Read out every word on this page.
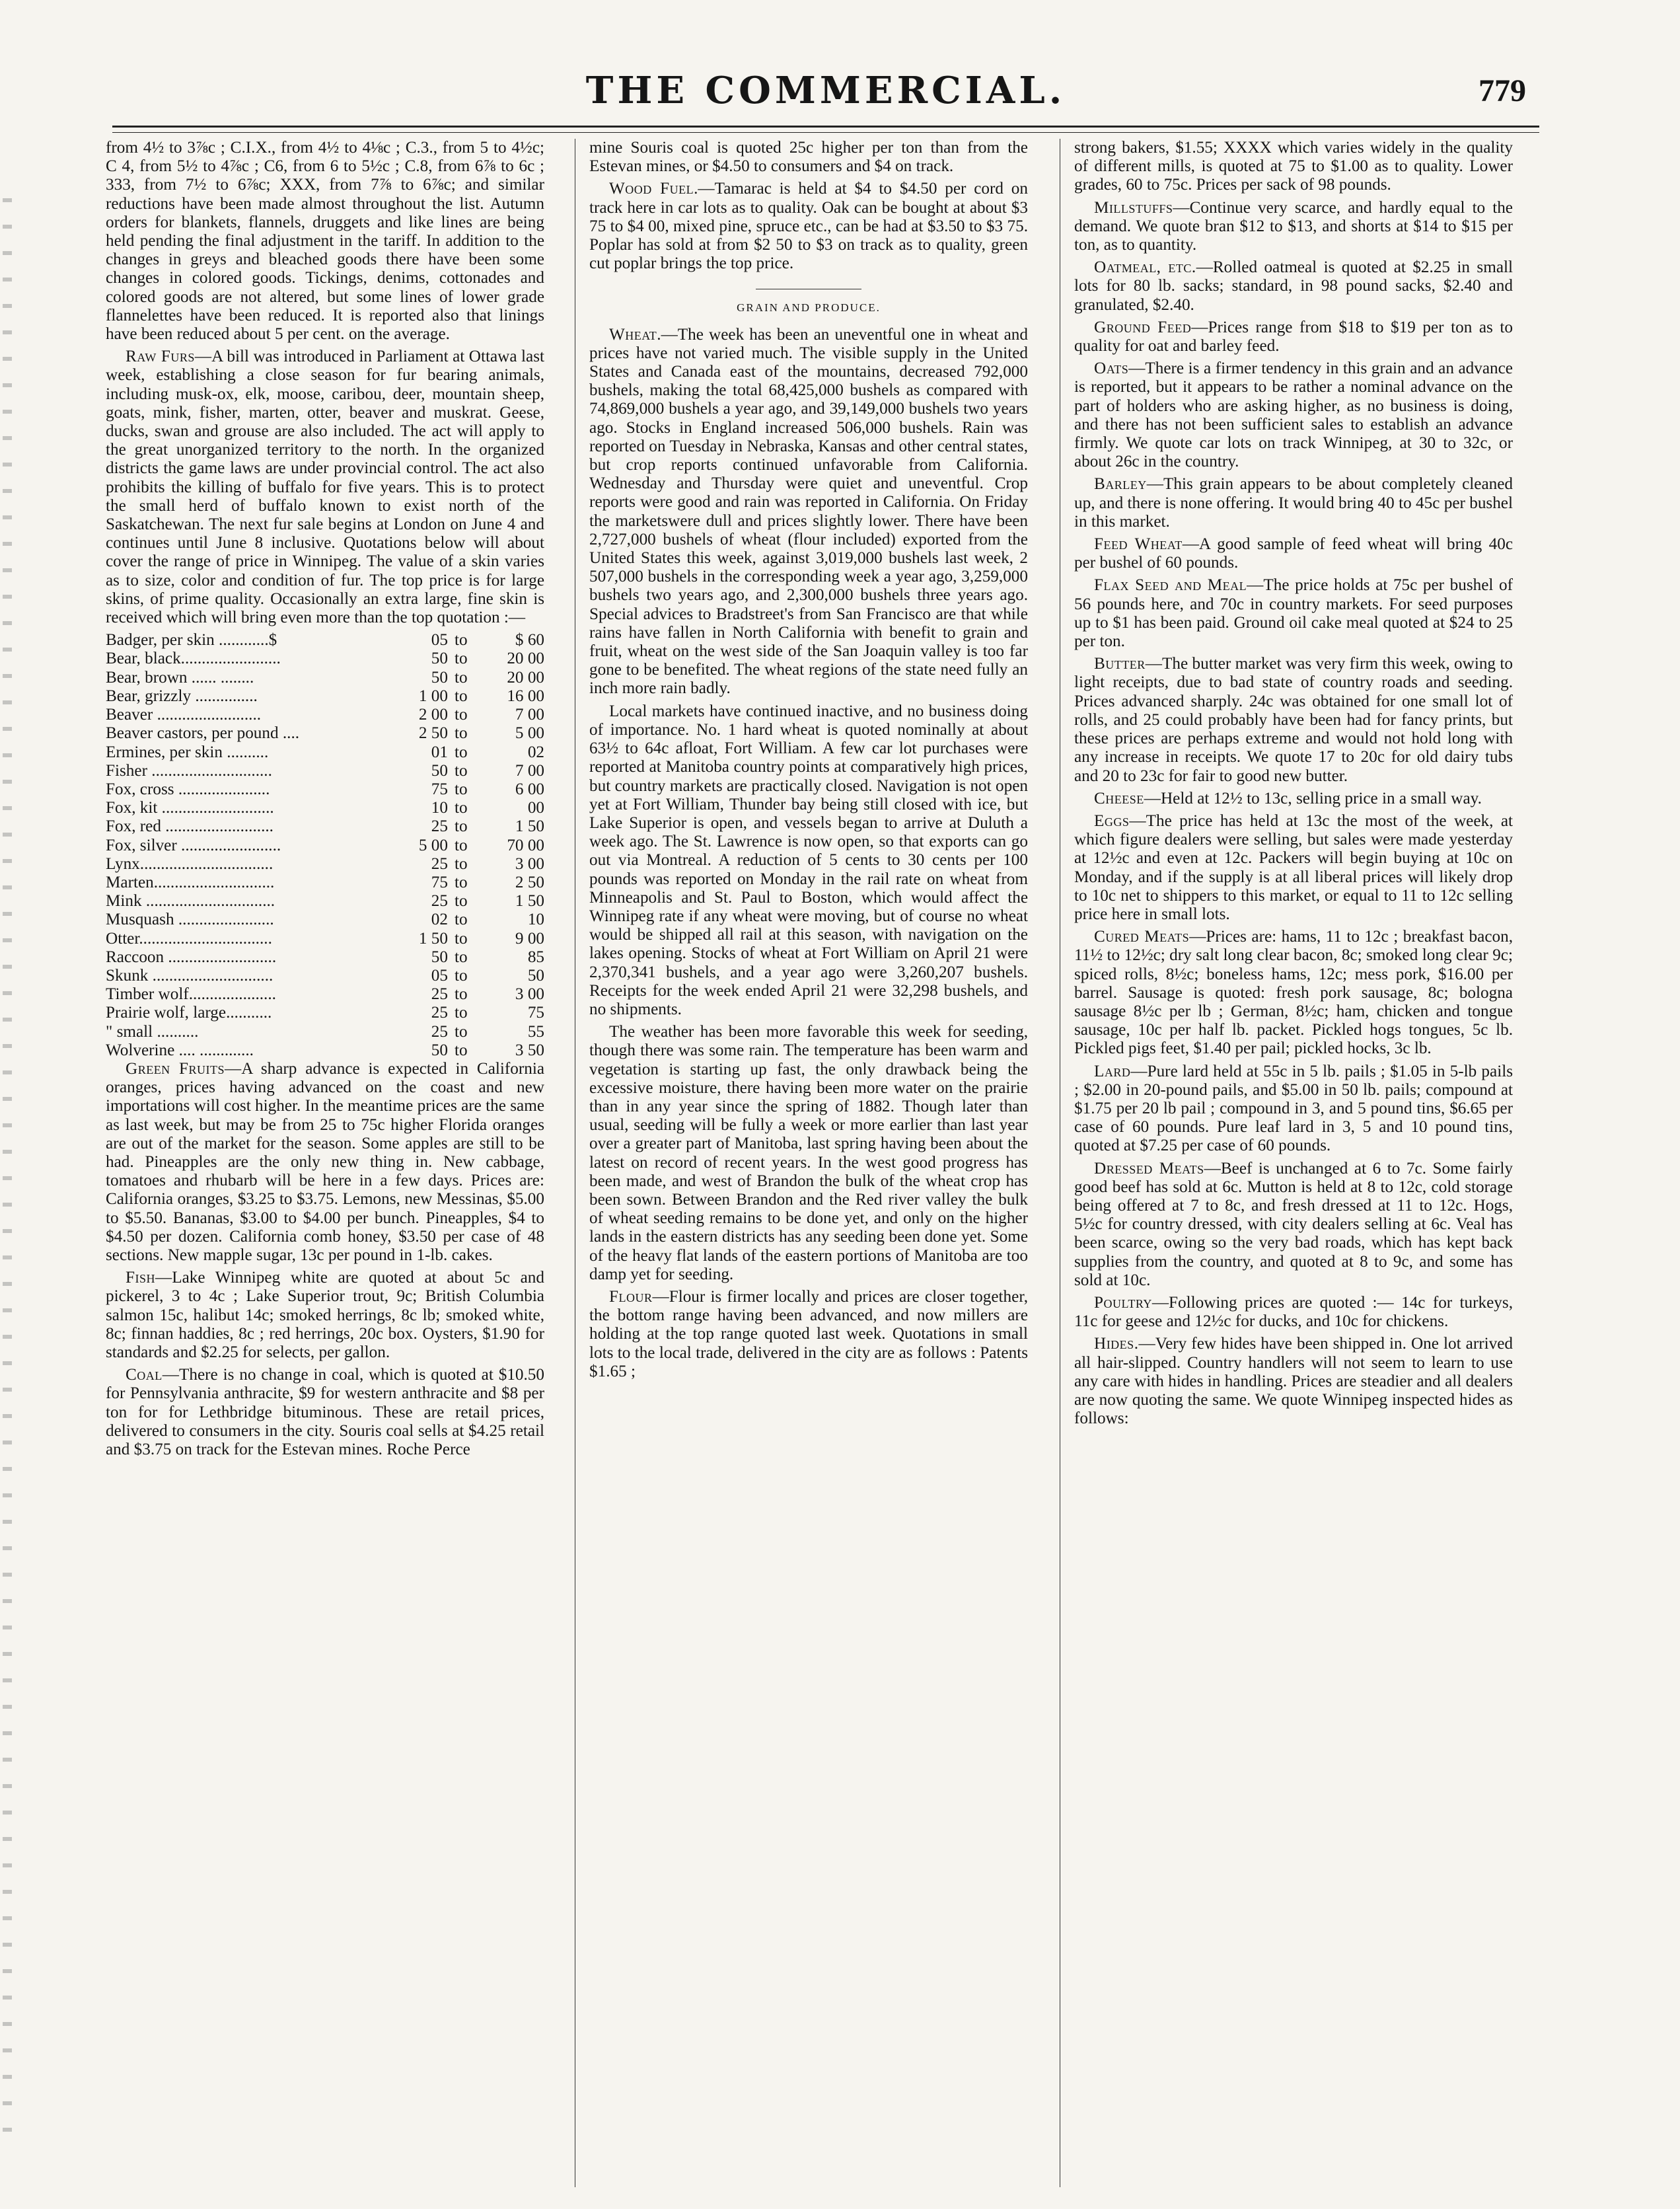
THE COMMERCIAL.	779

from 4½ to 3⅞c ; C.I.X., from 4½ to 4⅛c ; C.3., from 5 to 4½c; C 4, from 5½ to 4⅞c ; C6, from 6 to 5½c ; C.8, from 6⅞ to 6c ; 333, from 7½ to 6⅞c; XXX, from 7⅞ to 6⅞c; and similar reductions have been made almost throughout the list. Autumn orders for blankets, flannels, druggets and like lines are being held pending the final adjustment in the tariff. In addition to the changes in greys and bleached goods there have been some changes in colored goods. Tickings, denims, cottonades and colored goods are not altered, but some lines of lower grade flannelettes have been reduced. It is reported also that linings have been reduced about 5 per cent. on the average.

Raw Furs—A bill was introduced in Parliament at Ottawa last week, establishing a close season for fur bearing animals, including musk-ox, elk, moose, caribou, deer, mountain sheep, goats, mink, fisher, marten, otter, beaver and muskrat. Geese, ducks, swan and grouse are also included. The act will apply to the great unorganized territory to the north. In the organized districts the game laws are under provincial control. The act also prohibits the killing of buffalo for five years. This is to protect the small herd of buffalo known to exist north of the Saskatchewan. The next fur sale begins at London on June 4 and continues until June 8 inclusive. Quotations below will about cover the range of price in Winnipeg. The value of a skin varies as to size, color and condition of fur. The top price is for large skins, of prime quality. Occasionally an extra large, fine skin is received which will bring even more than the top quotation :—

Badger, per skin ............$	05	to	$ 60
Bear, black........................	50	to	20 00
Bear, brown ...... ........	50	to	20 00
Bear, grizzly ...............	1 00	to	16 00
Beaver .........................	2 00	to	7 00
Beaver castors, per pound ....	2 50	to	5 00
Ermines, per skin ..........	01	to	02
Fisher .............................	50	to	7 00
Fox, cross ......................	75	to	6 00
Fox, kit ...........................	10	to	00
Fox, red ..........................	25	to	1 50
Fox, silver ........................	5 00	to	70 00
Lynx................................	25	to	3 00
Marten.............................	75	to	2 50
Mink ...............................	25	to	1 50
Musquash .......................	02	to	10
Otter................................	1 50	to	9 00
Raccoon ..........................	50	to	85
Skunk .............................	05	to	50
Timber wolf.....................	25	to	3 00
Prairie wolf, large...........	25	to	75
" small ..........	25	to	55
Wolverine .... .............	50	to	3 50

Green Fruits—A sharp advance is expected in California oranges, prices having advanced on the coast and new importations will cost higher. In the meantime prices are the same as last week, but may be from 25 to 75c higher Florida oranges are out of the market for the season. Some apples are still to be had. Pineapples are the only new thing in. New cabbage, tomatoes and rhubarb will be here in a few days. Prices are: California oranges, $3.25 to $3.75. Lemons, new Messinas, $5.00 to $5.50. Bananas, $3.00 to $4.00 per bunch. Pineapples, $4 to $4.50 per dozen. California comb honey, $3.50 per case of 48 sections. New mapple sugar, 13c per pound in 1-lb. cakes.

Fish—Lake Winnipeg white are quoted at about 5c and pickerel, 3 to 4c ; Lake Superior trout, 9c; British Columbia salmon 15c, halibut 14c; smoked herrings, 8c lb; smoked white, 8c; finnan haddies, 8c ; red herrings, 20c box. Oysters, $1.90 for standards and $2.25 for selects, per gallon.

Coal—There is no change in coal, which is quoted at $10.50 for Pennsylvania anthracite, $9 for western anthracite and $8 per ton for for Lethbridge bituminous. These are retail prices, delivered to consumers in the city. Souris coal sells at $4.25 retail and $3.75 on track for the Estevan mines. Roche Perce

mine Souris coal is quoted 25c higher per ton than from the Estevan mines, or $4.50 to consumers and $4 on track.

Wood Fuel.—Tamarac is held at $4 to $4.50 per cord on track here in car lots as to quality. Oak can be bought at about $3 75 to $4 00, mixed pine, spruce etc., can be had at $3.50 to $3 75. Poplar has sold at from $2 50 to $3 on track as to quality, green cut poplar brings the top price.

GRAIN AND PRODUCE.

Wheat.—The week has been an uneventful one in wheat and prices have not varied much. The visible supply in the United States and Canada east of the mountains, decreased 792,000 bushels, making the total 68,425,000 bushels as compared with 74,869,000 bushels a year ago, and 39,149,000 bushels two years ago. Stocks in England increased 506,000 bushels. Rain was reported on Tuesday in Nebraska, Kansas and other central states, but crop reports continued unfavorable from California. Wednesday and Thursday were quiet and uneventful. Crop reports were good and rain was reported in California. On Friday the marketswere dull and prices slightly lower. There have been 2,727,000 bushels of wheat (flour included) exported from the United States this week, against 3,019,000 bushels last week, 2 507,000 bushels in the corresponding week a year ago, 3,259,000 bushels two years ago, and 2,300,000 bushels three years ago. Special advices to Bradstreet's from San Francisco are that while rains have fallen in North California with benefit to grain and fruit, wheat on the west side of the San Joaquin valley is too far gone to be benefited. The wheat regions of the state need fully an inch more rain badly.

Local markets have continued inactive, and no business doing of importance. No. 1 hard wheat is quoted nominally at about 63½ to 64c afloat, Fort William. A few car lot purchases were reported at Manitoba country points at comparatively high prices, but country markets are practically closed. Navigation is not open yet at Fort William, Thunder bay being still closed with ice, but Lake Superior is open, and vessels began to arrive at Duluth a week ago. The St. Lawrence is now open, so that exports can go out via Montreal. A reduction of 5 cents to 30 cents per 100 pounds was reported on Monday in the rail rate on wheat from Minneapolis and St. Paul to Boston, which would affect the Winnipeg rate if any wheat were moving, but of course no wheat would be shipped all rail at this season, with navigation on the lakes opening. Stocks of wheat at Fort William on April 21 were 2,370,341 bushels, and a year ago were 3,260,207 bushels. Receipts for the week ended April 21 were 32,298 bushels, and no shipments.

The weather has been more favorable this week for seeding, though there was some rain. The temperature has been warm and vegetation is starting up fast, the only drawback being the excessive moisture, there having been more water on the prairie than in any year since the spring of 1882. Though later than usual, seeding will be fully a week or more earlier than last year over a greater part of Manitoba, last spring having been about the latest on record of recent years. In the west good progress has been made, and west of Brandon the bulk of the wheat crop has been sown. Between Brandon and the Red river valley the bulk of wheat seeding remains to be done yet, and only on the higher lands in the eastern districts has any seeding been done yet. Some of the heavy flat lands of the eastern portions of Manitoba are too damp yet for seeding.

Flour—Flour is firmer locally and prices are closer together, the bottom range having been advanced, and now millers are holding at the top range quoted last week. Quotations in small lots to the local trade, delivered in the city are as follows : Patents $1.65 ;

strong bakers, $1.55; XXXX which varies widely in the quality of different mills, is quoted at 75 to $1.00 as to quality. Lower grades, 60 to 75c. Prices per sack of 98 pounds.

Millstuffs—Continue very scarce, and hardly equal to the demand. We quote bran $12 to $13, and shorts at $14 to $15 per ton, as to quantity.

Oatmeal, etc.—Rolled oatmeal is quoted at $2.25 in small lots for 80 lb. sacks; standard, in 98 pound sacks, $2.40 and granulated, $2.40.

Ground Feed—Prices range from $18 to $19 per ton as to quality for oat and barley feed.

Oats—There is a firmer tendency in this grain and an advance is reported, but it appears to be rather a nominal advance on the part of holders who are asking higher, as no business is doing, and there has not been sufficient sales to establish an advance firmly. We quote car lots on track Winnipeg, at 30 to 32c, or about 26c in the country.

Barley—This grain appears to be about completely cleaned up, and there is none offering. It would bring 40 to 45c per bushel in this market.

Feed Wheat—A good sample of feed wheat will bring 40c per bushel of 60 pounds.

Flax Seed and Meal—The price holds at 75c per bushel of 56 pounds here, and 70c in country markets. For seed purposes up to $1 has been paid. Ground oil cake meal quoted at $24 to 25 per ton.

Butter—The butter market was very firm this week, owing to light receipts, due to bad state of country roads and seeding. Prices advanced sharply. 24c was obtained for one small lot of rolls, and 25 could probably have been had for fancy prints, but these prices are perhaps extreme and would not hold long with any increase in receipts. We quote 17 to 20c for old dairy tubs and 20 to 23c for fair to good new butter.

Cheese—Held at 12½ to 13c, selling price in a small way.

Eggs—The price has held at 13c the most of the week, at which figure dealers were selling, but sales were made yesterday at 12½c and even at 12c. Packers will begin buying at 10c on Monday, and if the supply is at all liberal prices will likely drop to 10c net to shippers to this market, or equal to 11 to 12c selling price here in small lots.

Cured Meats—Prices are: hams, 11 to 12c ; breakfast bacon, 11½ to 12½c; dry salt long clear bacon, 8c; smoked long clear 9c; spiced rolls, 8½c; boneless hams, 12c; mess pork, $16.00 per barrel. Sausage is quoted: fresh pork sausage, 8c; bologna sausage 8½c per lb ; German, 8½c; ham, chicken and tongue sausage, 10c per half lb. packet. Pickled hogs tongues, 5c lb. Pickled pigs feet, $1.40 per pail; pickled hocks, 3c lb.

Lard—Pure lard held at 55c in 5 lb. pails ; $1.05 in 5-lb pails ; $2.00 in 20-pound pails, and $5.00 in 50 lb. pails; compound at $1.75 per 20 lb pail ; compound in 3, and 5 pound tins, $6.65 per case of 60 pounds. Pure leaf lard in 3, 5 and 10 pound tins, quoted at $7.25 per case of 60 pounds.

Dressed Meats—Beef is unchanged at 6 to 7c. Some fairly good beef has sold at 6c. Mutton is held at 8 to 12c, cold storage being offered at 7 to 8c, and fresh dressed at 11 to 12c. Hogs, 5½c for country dressed, with city dealers selling at 6c. Veal has been scarce, owing so the very bad roads, which has kept back supplies from the country, and quoted at 8 to 9c, and some has sold at 10c.

Poultry—Following prices are quoted :— 14c for turkeys, 11c for geese and 12½c for ducks, and 10c for chickens.

Hides.—Very few hides have been shipped in. One lot arrived all hair-slipped. Country handlers will not seem to learn to use any care with hides in handling. Prices are steadier and all dealers are now quoting the same. We quote Winnipeg inspected hides as follows:
